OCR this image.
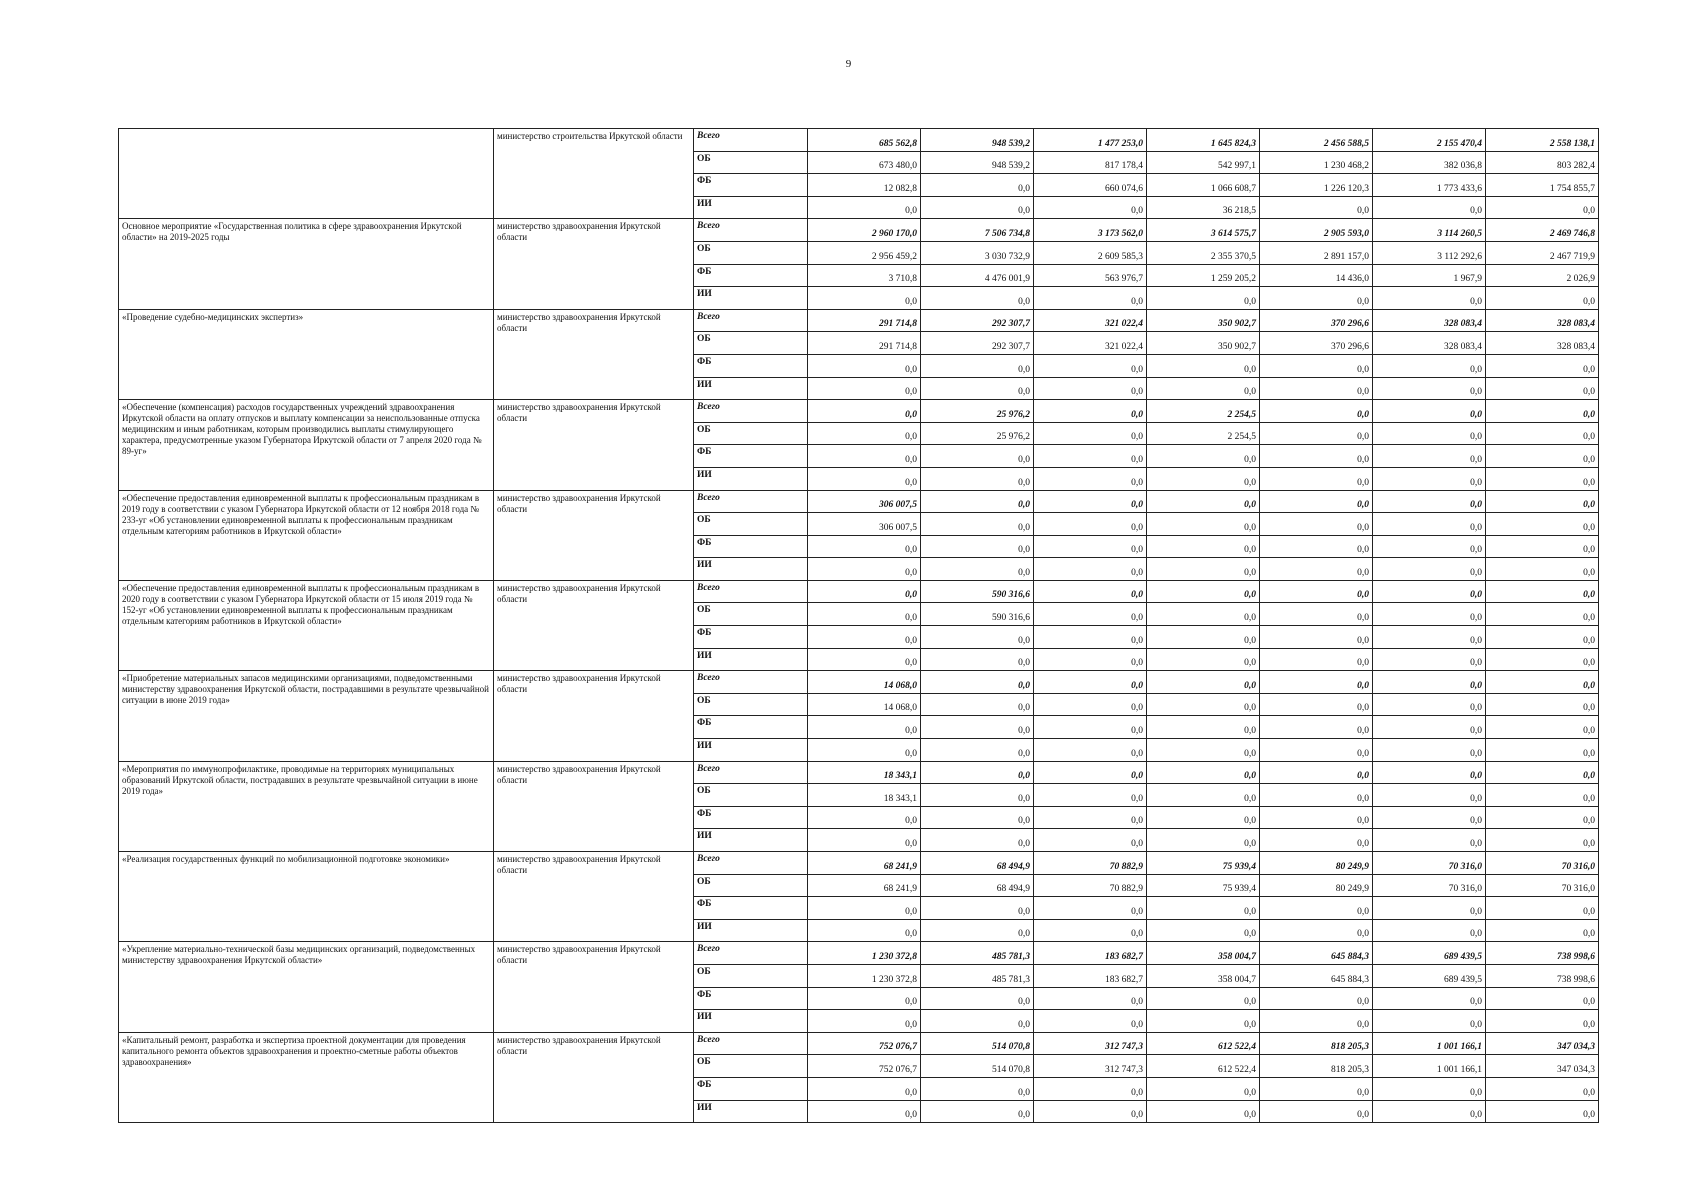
9
	министерство строительства Иркутской области	Всего	685 562,8	948 539,2	1 477 253,0	1 645 824,3	2 456 588,5	2 155 470,4	2 558 138,1
		ОБ	673 480,0	948 539,2	817 178,4	542 997,1	1 230 468,2	382 036,8	803 282,4
		ФБ	12 082,8	0,0	660 074,6	1 066 608,7	1 226 120,3	1 773 433,6	1 754 855,7
		ИИ	0,0	0,0	0,0	36 218,5	0,0	0,0	0,0
Основное мероприятие «Государственная политика в сфере здравоохранения Иркутской области» на 2019-2025 годы	министерство здравоохранения Иркутской области	Всего	2 960 170,0	7 506 734,8	3 173 562,0	3 614 575,7	2 905 593,0	3 114 260,5	2 469 746,8
		ОБ	2 956 459,2	3 030 732,9	2 609 585,3	2 355 370,5	2 891 157,0	3 112 292,6	2 467 719,9
		ФБ	3 710,8	4 476 001,9	563 976,7	1 259 205,2	14 436,0	1 967,9	2 026,9
		ИИ	0,0	0,0	0,0	0,0	0,0	0,0	0,0
«Проведение судебно-медицинских экспертиз»	министерство здравоохранения Иркутской области	Всего	291 714,8	292 307,7	321 022,4	350 902,7	370 296,6	328 083,4	328 083,4
		ОБ	291 714,8	292 307,7	321 022,4	350 902,7	370 296,6	328 083,4	328 083,4
		ФБ	0,0	0,0	0,0	0,0	0,0	0,0	0,0
		ИИ	0,0	0,0	0,0	0,0	0,0	0,0	0,0
«Обеспечение (компенсация) расходов государственных учреждений здравоохранения Иркутской области на оплату отпусков и выплату компенсации за неиспользованные отпуска медицинским и иным работникам, которым производились выплаты стимулирующего характера, предусмотренные указом Губернатора Иркутской области от 7 апреля 2020 года № 89-уг»	министерство здравоохранения Иркутской области	Всего	0,0	25 976,2	0,0	2 254,5	0,0	0,0	0,0
		ОБ	0,0	25 976,2	0,0	2 254,5	0,0	0,0	0,0
		ФБ	0,0	0,0	0,0	0,0	0,0	0,0	0,0
		ИИ	0,0	0,0	0,0	0,0	0,0	0,0	0,0
«Обеспечение предоставления единовременной выплаты к профессиональным праздникам в 2019 году в соответствии с указом Губернатора Иркутской области от 12 ноября 2018 года № 233-уг «Об установлении единовременной выплаты к профессиональным праздникам отдельным категориям работников в Иркутской области»	министерство здравоохранения Иркутской области	Всего	306 007,5	0,0	0,0	0,0	0,0	0,0	0,0
		ОБ	306 007,5	0,0	0,0	0,0	0,0	0,0	0,0
		ФБ	0,0	0,0	0,0	0,0	0,0	0,0	0,0
		ИИ	0,0	0,0	0,0	0,0	0,0	0,0	0,0
«Обеспечение предоставления единовременной выплаты к профессиональным праздникам в 2020 году в соответствии с указом Губернатора Иркутской области от 15 июля 2019 года № 152-уг «Об установлении единовременной выплаты к профессиональным праздникам отдельным категориям работников в Иркутской области»	министерство здравоохранения Иркутской области	Всего	0,0	590 316,6	0,0	0,0	0,0	0,0	0,0
		ОБ	0,0	590 316,6	0,0	0,0	0,0	0,0	0,0
		ФБ	0,0	0,0	0,0	0,0	0,0	0,0	0,0
		ИИ	0,0	0,0	0,0	0,0	0,0	0,0	0,0
«Приобретение материальных запасов медицинскими организациями, подведомственными министерству здравоохранения Иркутской области, пострадавшими в результате чрезвычайной ситуации в июне 2019 года»	министерство здравоохранения Иркутской области	Всего	14 068,0	0,0	0,0	0,0	0,0	0,0	0,0
		ОБ	14 068,0	0,0	0,0	0,0	0,0	0,0	0,0
		ФБ	0,0	0,0	0,0	0,0	0,0	0,0	0,0
		ИИ	0,0	0,0	0,0	0,0	0,0	0,0	0,0
«Мероприятия по иммунопрофилактике, проводимые на территориях муниципальных образований Иркутской области, пострадавших в результате чрезвычайной ситуации в июне 2019 года»	министерство здравоохранения Иркутской области	Всего	18 343,1	0,0	0,0	0,0	0,0	0,0	0,0
		ОБ	18 343,1	0,0	0,0	0,0	0,0	0,0	0,0
		ФБ	0,0	0,0	0,0	0,0	0,0	0,0	0,0
		ИИ	0,0	0,0	0,0	0,0	0,0	0,0	0,0
«Реализация государственных функций по мобилизационной подготовке экономики»	министерство здравоохранения Иркутской области	Всего	68 241,9	68 494,9	70 882,9	75 939,4	80 249,9	70 316,0	70 316,0
		ОБ	68 241,9	68 494,9	70 882,9	75 939,4	80 249,9	70 316,0	70 316,0
		ФБ	0,0	0,0	0,0	0,0	0,0	0,0	0,0
		ИИ	0,0	0,0	0,0	0,0	0,0	0,0	0,0
«Укрепление материально-технической базы медицинских организаций, подведомственных министерству здравоохранения Иркутской области»	министерство здравоохранения Иркутской области	Всего	1 230 372,8	485 781,3	183 682,7	358 004,7	645 884,3	689 439,5	738 998,6
		ОБ	1 230 372,8	485 781,3	183 682,7	358 004,7	645 884,3	689 439,5	738 998,6
		ФБ	0,0	0,0	0,0	0,0	0,0	0,0	0,0
		ИИ	0,0	0,0	0,0	0,0	0,0	0,0	0,0
«Капитальный ремонт, разработка и экспертиза проектной документации для проведения капитального ремонта объектов здравоохранения и проектно-сметные работы объектов здравоохранения»	министерство здравоохранения Иркутской области	Всего	752 076,7	514 070,8	312 747,3	612 522,4	818 205,3	1 001 166,1	347 034,3
		ОБ	752 076,7	514 070,8	312 747,3	612 522,4	818 205,3	1 001 166,1	347 034,3
		ФБ	0,0	0,0	0,0	0,0	0,0	0,0	0,0
		ИИ	0,0	0,0	0,0	0,0	0,0	0,0	0,0
